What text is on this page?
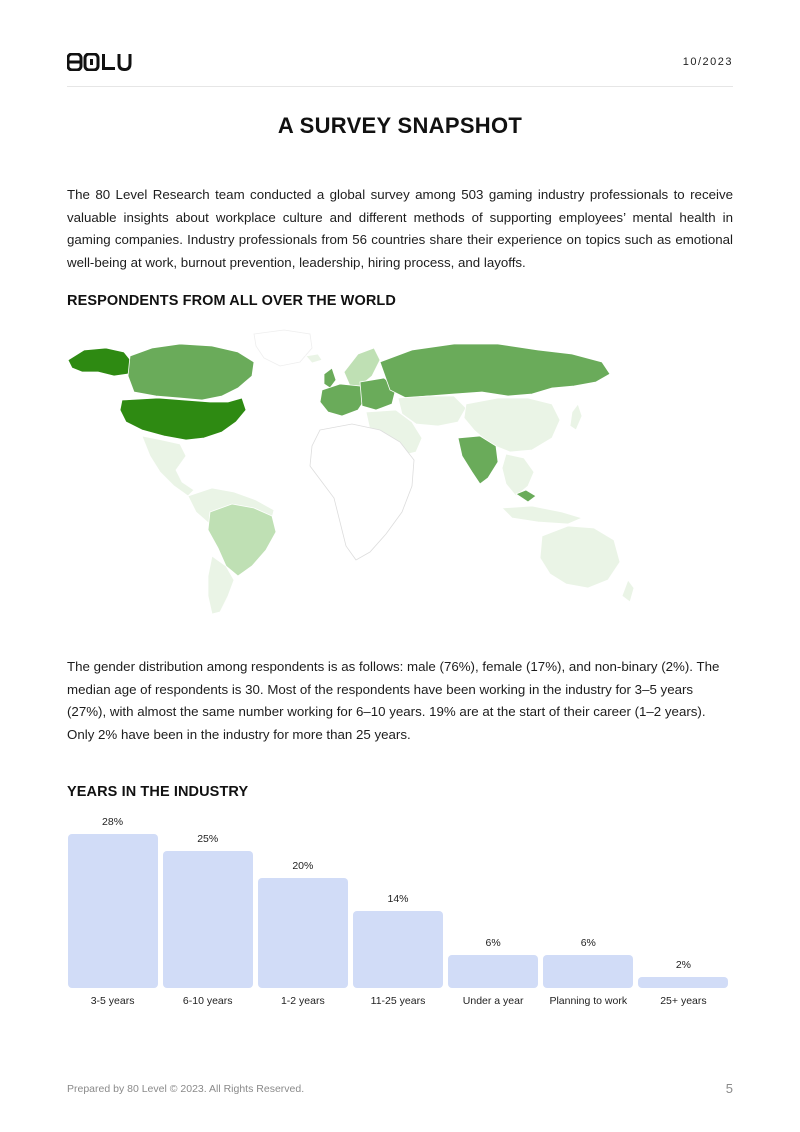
10/2023
A SURVEY SNAPSHOT
The 80 Level Research team conducted a global survey among 503 gaming industry professionals to receive valuable insights about workplace culture and different methods of supporting employees’ mental health in gaming companies. Industry professionals from 56 countries share their experience on topics such as emotional well-being at work, burnout prevention, leadership, hiring process, and layoffs.
RESPONDENTS FROM ALL OVER THE WORLD
The gender distribution among respondents is as follows: male (76%), female (17%), and non-binary (2%). The median age of respondents is 30. Most of the respondents have been working in the industry for 3–5 years (27%), with almost the same number working for 6–10 years. 19% are at the start of their career (1–2 years). Only 2% have been in the industry for more than 25 years.
YEARS IN THE INDUSTRY
28%
3-5 years
25%
6-10 years
20%
1-2 years
14%
11-25 years
6%
Under a year
6%
Planning to work
2%
25+ years
Prepared by 80 Level © 2023. All Rights Reserved.	5
